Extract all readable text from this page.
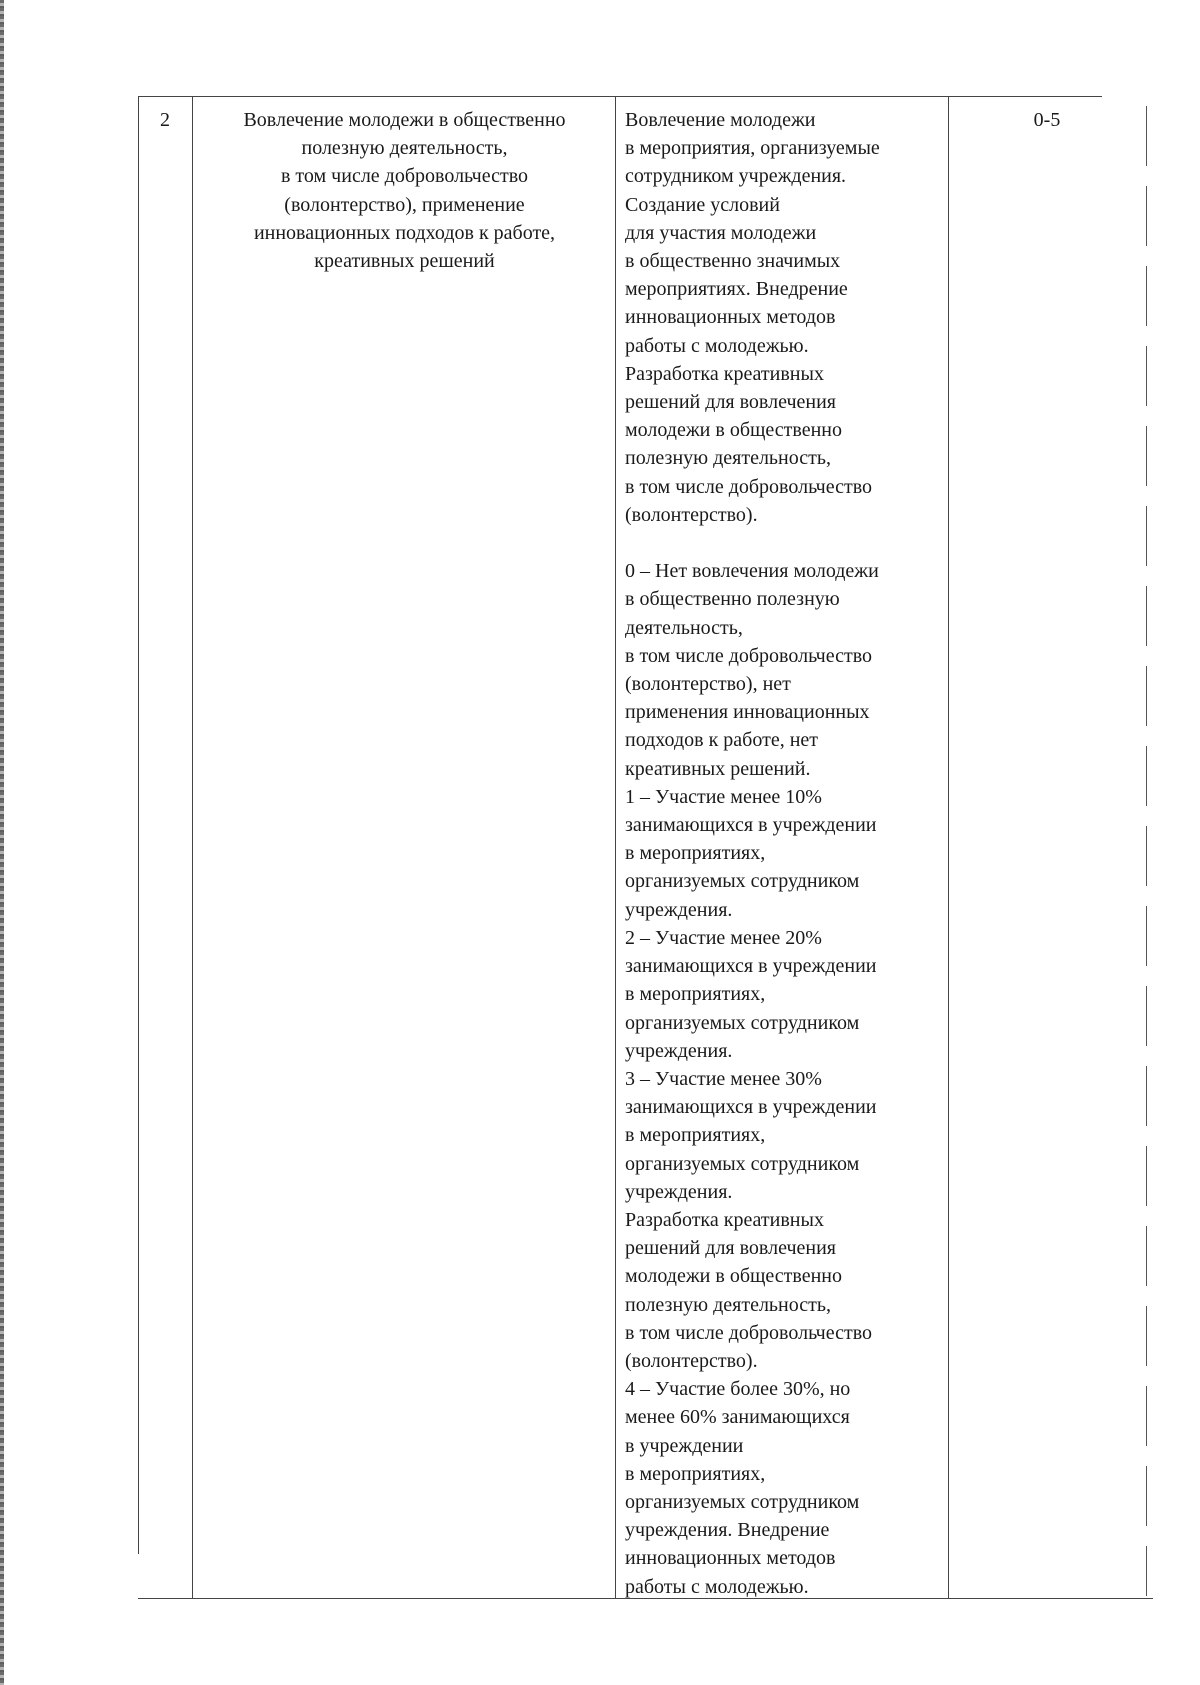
2	Вовлечение молодежи в общественно
полезную деятельность,
в том числе добровольчество
(волонтерство), применение
инновационных подходов к работе,
креативных решений
Вовлечение молодежи
в мероприятия, организуемые
сотрудником учреждения.
Создание условий
для участия молодежи
в общественно значимых
мероприятиях. Внедрение
инновационных методов
работы с молодежью.
Разработка креативных
решений для вовлечения
молодежи в общественно
полезную деятельность,
в том числе добровольчество
(волонтерство).

0 – Нет вовлечения молодежи
в общественно полезную
деятельность,
в том числе добровольчество
(волонтерство), нет
применения инновационных
подходов к работе, нет
креативных решений.
1 – Участие менее 10%
занимающихся в учреждении
в мероприятиях,
организуемых сотрудником
учреждения.
2 – Участие менее 20%
занимающихся в учреждении
в мероприятиях,
организуемых сотрудником
учреждения.
3 – Участие менее 30%
занимающихся в учреждении
в мероприятиях,
организуемых сотрудником
учреждения.
Разработка креативных
решений для вовлечения
молодежи в общественно
полезную деятельность,
в том числе добровольчество
(волонтерство).
4 – Участие более 30%, но
менее 60% занимающихся
в учреждении
в мероприятиях,
организуемых сотрудником
учреждения. Внедрение
инновационных методов
работы с молодежью.
0-5
